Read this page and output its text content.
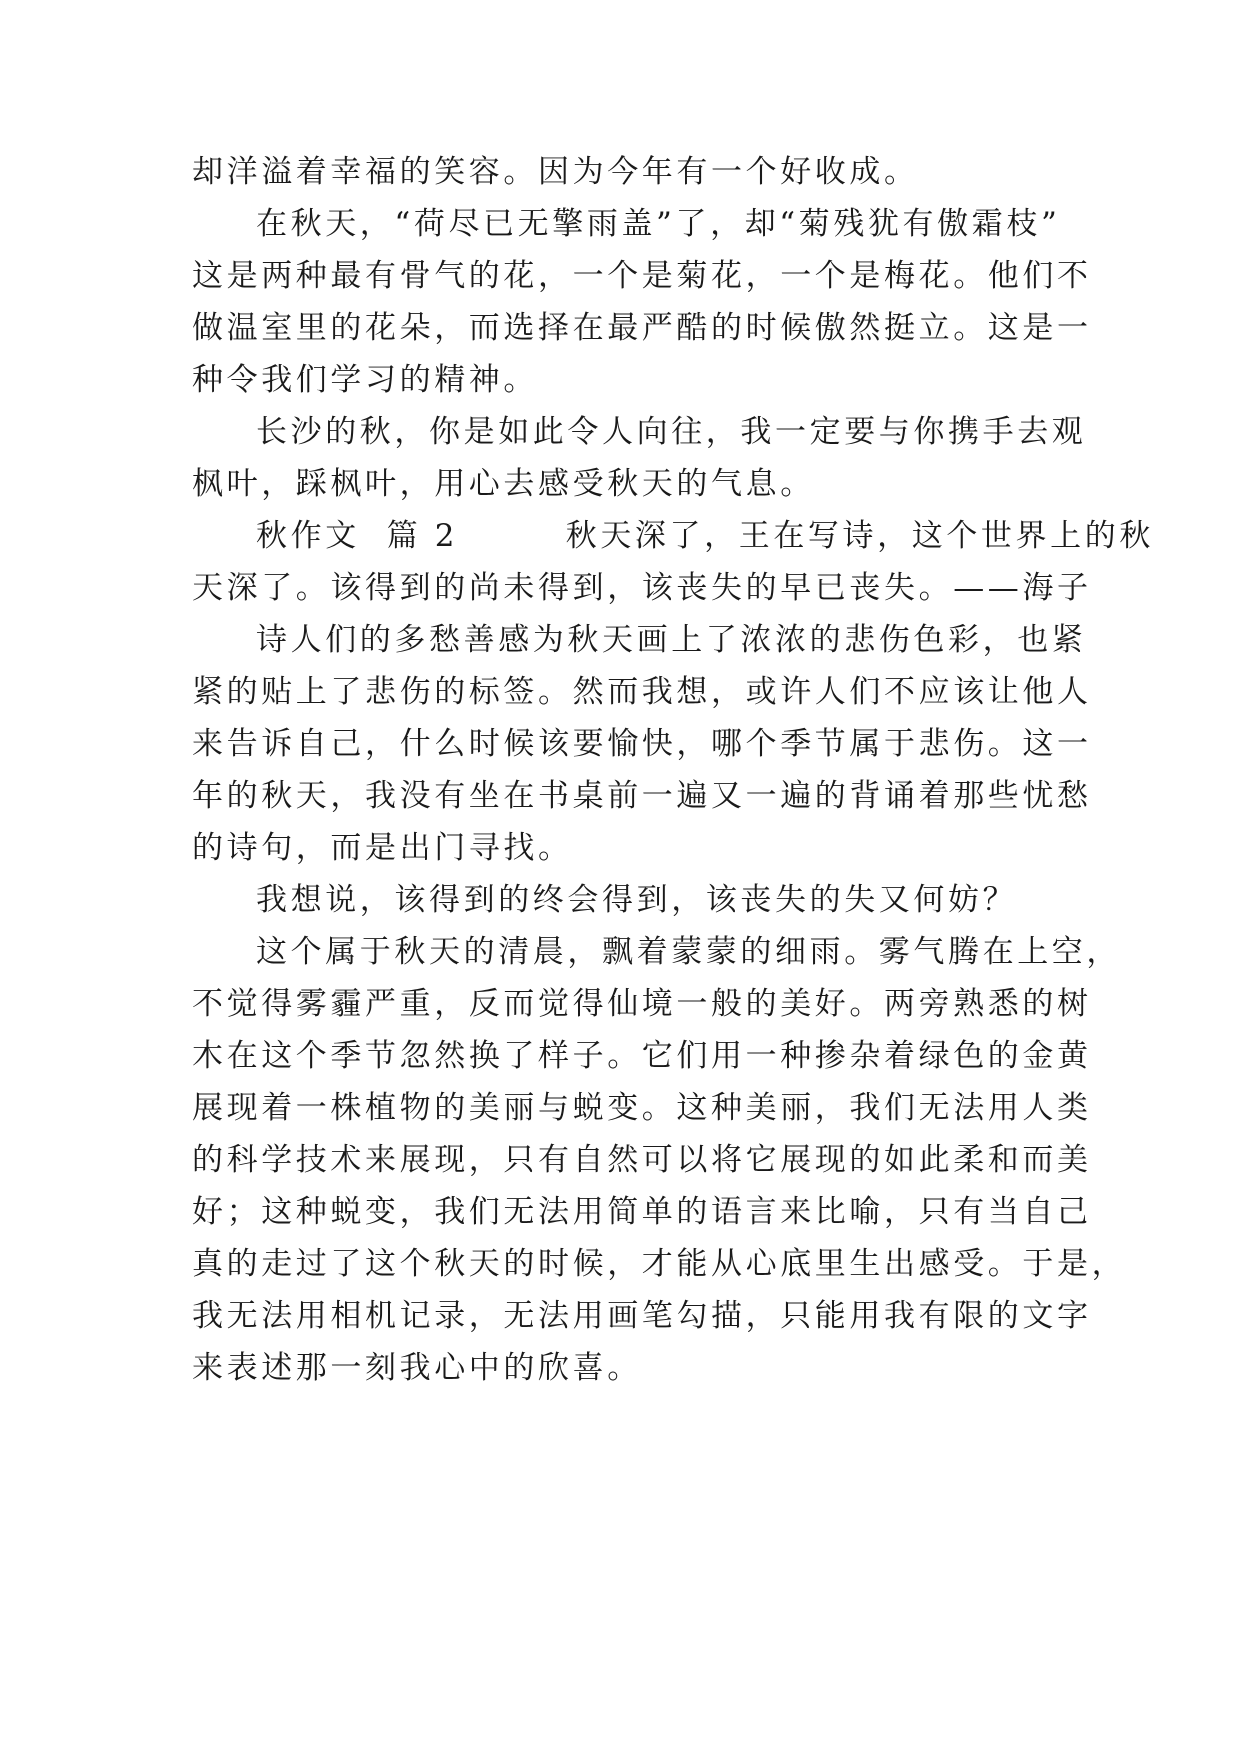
却洋溢着幸福的笑容。因为今年有一个好收成。
在秋天，“荷尽已无擎雨盖”了，却“菊残犹有傲霜枝”
这是两种最有骨气的花，一个是菊花，一个是梅花。他们不
做温室里的花朵，而选择在最严酷的时候傲然挺立。这是一
种令我们学习的精神。
长沙的秋，你是如此令人向往，我一定要与你携手去观
枫叶，踩枫叶，用心去感受秋天的气息。
秋作文  篇 2        秋天深了，王在写诗，这个世界上的秋
天深了。该得到的尚未得到，该丧失的早已丧失。——海子
诗人们的多愁善感为秋天画上了浓浓的悲伤色彩，也紧
紧的贴上了悲伤的标签。然而我想，或许人们不应该让他人
来告诉自己，什么时候该要愉快，哪个季节属于悲伤。这一
年的秋天，我没有坐在书桌前一遍又一遍的背诵着那些忧愁
的诗句，而是出门寻找。
我想说，该得到的终会得到，该丧失的失又何妨？
这个属于秋天的清晨，飘着蒙蒙的细雨。雾气腾在上空，
不觉得雾霾严重，反而觉得仙境一般的美好。两旁熟悉的树
木在这个季节忽然换了样子。它们用一种掺杂着绿色的金黄
展现着一株植物的美丽与蜕变。这种美丽，我们无法用人类
的科学技术来展现，只有自然可以将它展现的如此柔和而美
好；这种蜕变，我们无法用简单的语言来比喻，只有当自己
真的走过了这个秋天的时候，才能从心底里生出感受。于是，
我无法用相机记录，无法用画笔勾描，只能用我有限的文字
来表述那一刻我心中的欣喜。
